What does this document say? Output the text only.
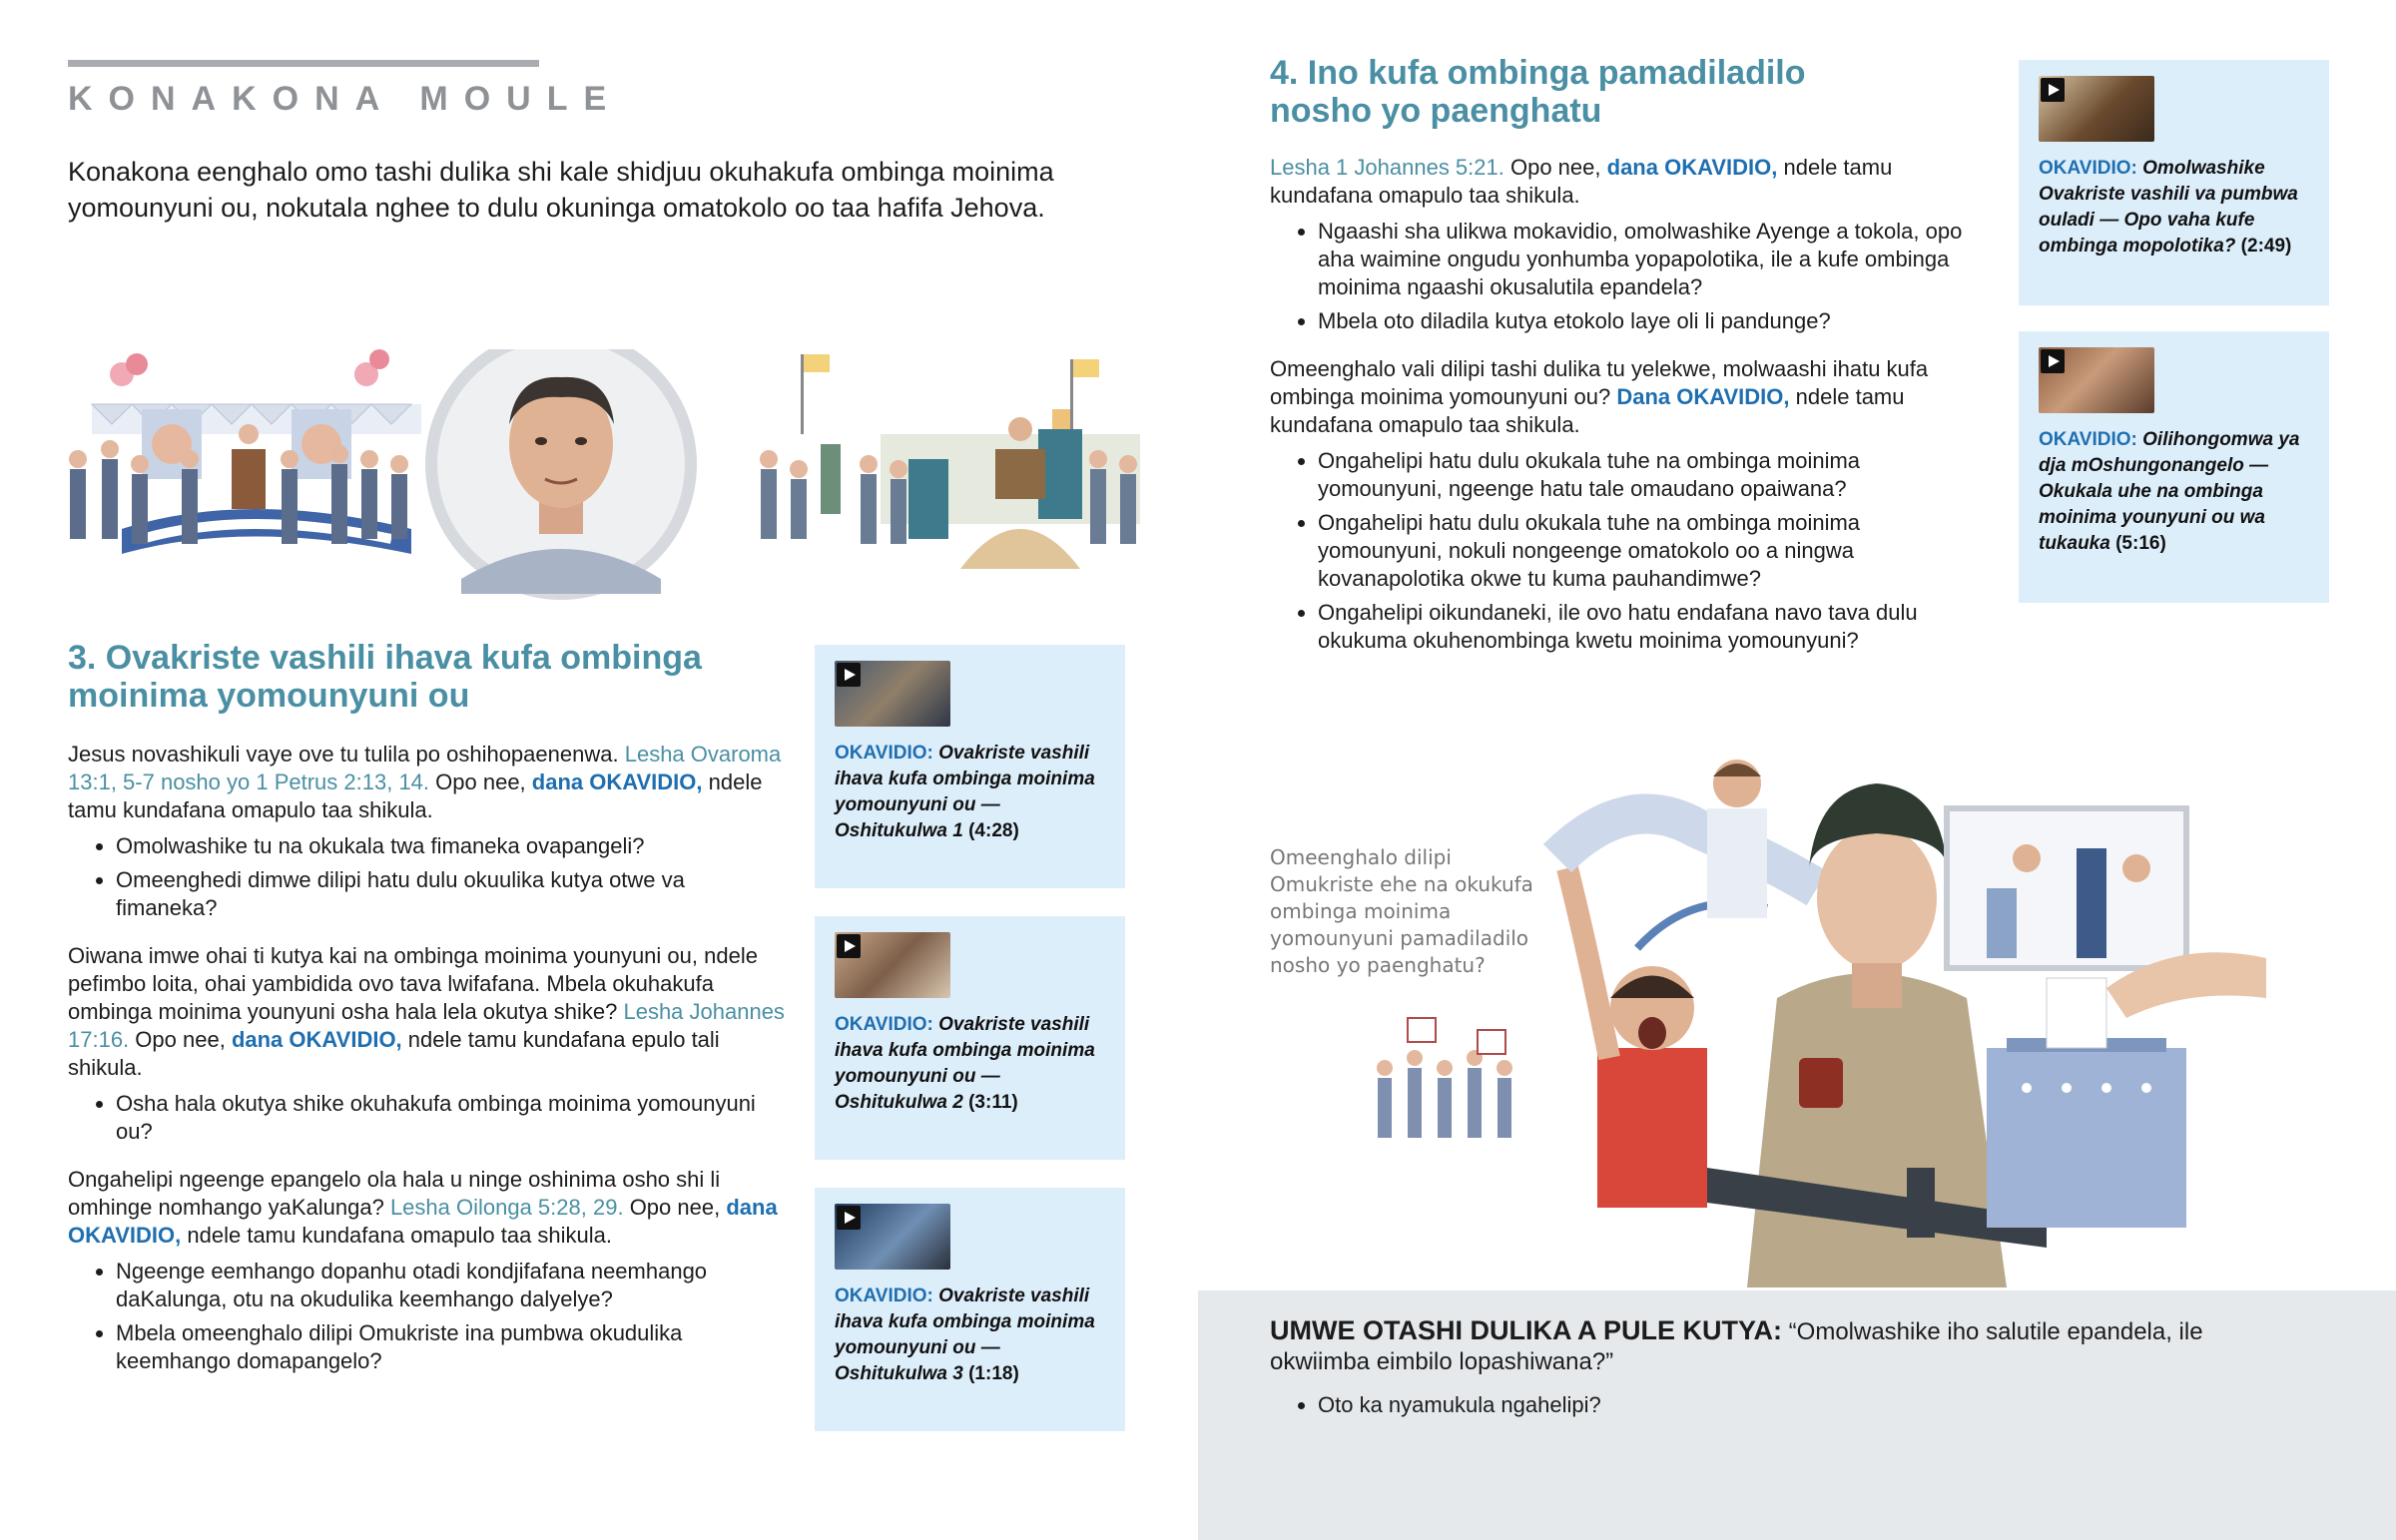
KONAKONA MOULE
Konakona eenghalo omo tashi dulika shi kale shidjuu okuhakufa ombinga moinima yomounyuni ou, nokutala nghee to dulu okuninga omatokolo oo taa hafifa Jehova.
3. Ovakriste vashili ihava kufa ombinga
moinima yomounyuni ou

Jesus novashikuli vaye ove tu tulila po oshihopaenenwa. Lesha Ovaroma 13:1, 5-7 nosho yo 1 Petrus 2:13, 14. Opo nee, dana OKAVIDIO, ndele tamu kundafana omapulo taa shikula.

• Omolwashike tu na okukala twa fimaneka ovapangeli?
• Omeenghedi dimwe dilipi hatu dulu okuulika kutya otwe va fimaneka?

Oiwana imwe ohai ti kutya kai na ombinga moinima younyuni ou, ndele pefimbo loita, ohai yambidida ovo tava lwifafana. Mbela okuhakufa ombinga moinima younyuni osha hala lela okutya shike? Lesha Johannes 17:16. Opo nee, dana OKAVIDIO, ndele tamu kundafana epulo tali shikula.

• Osha hala okutya shike okuhakufa ombinga moinima yomounyuni ou?

Ongahelipi ngeenge epangelo ola hala u ninge oshinima osho shi li omhinge nomhango yaKalunga? Lesha Oilonga 5:28, 29. Opo nee, dana OKAVIDIO, ndele tamu kundafana omapulo taa shikula.

• Ngeenge eemhango dopanhu otadi kondjifafana neemhango daKalunga, otu na okudulika keemhango dalyelye?
• Mbela omeenghalo dilipi Omukriste ina pumbwa okudulika keemhango domapangelo?
OKAVIDIO: Ovakriste vashili ihava kufa ombinga moinima yomounyuni ou — Oshitukulwa 1 (4:28)
OKAVIDIO: Ovakriste vashili ihava kufa ombinga moinima yomounyuni ou — Oshitukulwa 2 (3:11)
OKAVIDIO: Ovakriste vashili ihava kufa ombinga moinima yomounyuni ou — Oshitukulwa 3 (1:18)
4. Ino kufa ombinga pamadiladilo
nosho yo paenghatu

Lesha 1 Johannes 5:21. Opo nee, dana OKAVIDIO, ndele tamu kundafana omapulo taa shikula.

• Ngaashi sha ulikwa mokavidio, omolwashike Ayenge a tokola, opo aha waimine ongudu yonhumba yopapolotika, ile a kufe ombinga moinima ngaashi okusalutila epandela?
• Mbela oto diladila kutya etokolo laye oli li pandunge?

Omeenghalo vali dilipi tashi dulika tu yelekwe, molwaashi ihatu kufa ombinga moinima yomounyuni ou? Dana OKAVIDIO, ndele tamu kundafana omapulo taa shikula.

• Ongahelipi hatu dulu okukala tuhe na ombinga moinima yomounyuni, ngeenge hatu tale omaudano opaiwana?
• Ongahelipi hatu dulu okukala tuhe na ombinga moinima yomounyuni, nokuli nongeenge omatokolo oo a ningwa kovanapolotika okwe tu kuma pauhandimwe?
• Ongahelipi oikundaneki, ile ovo hatu endafana navo tava dulu okukuma okuhenombinga kwetu moinima yomounyuni?
OKAVIDIO: Omolwashike Ovakriste vashili va pumbwa ouladi — Opo vaha kufe ombinga mopolotika? (2:49)
OKAVIDIO: Oilihongomwa ya dja mOshungonangelo — Okukala uhe na ombinga moinima younyuni ou wa tukauka (5:16)
Omeenghalo dilipi Omukriste ehe na okukufa ombinga moinima yomounyuni pamadiladilo nosho yo paenghatu?
UMWE OTASHI DULIKA A PULE KUTYA: “Omolwashike iho salutile epandela, ile okwiimba eimbilo lopashiwana?”
• Oto ka nyamukula ngahelipi?
